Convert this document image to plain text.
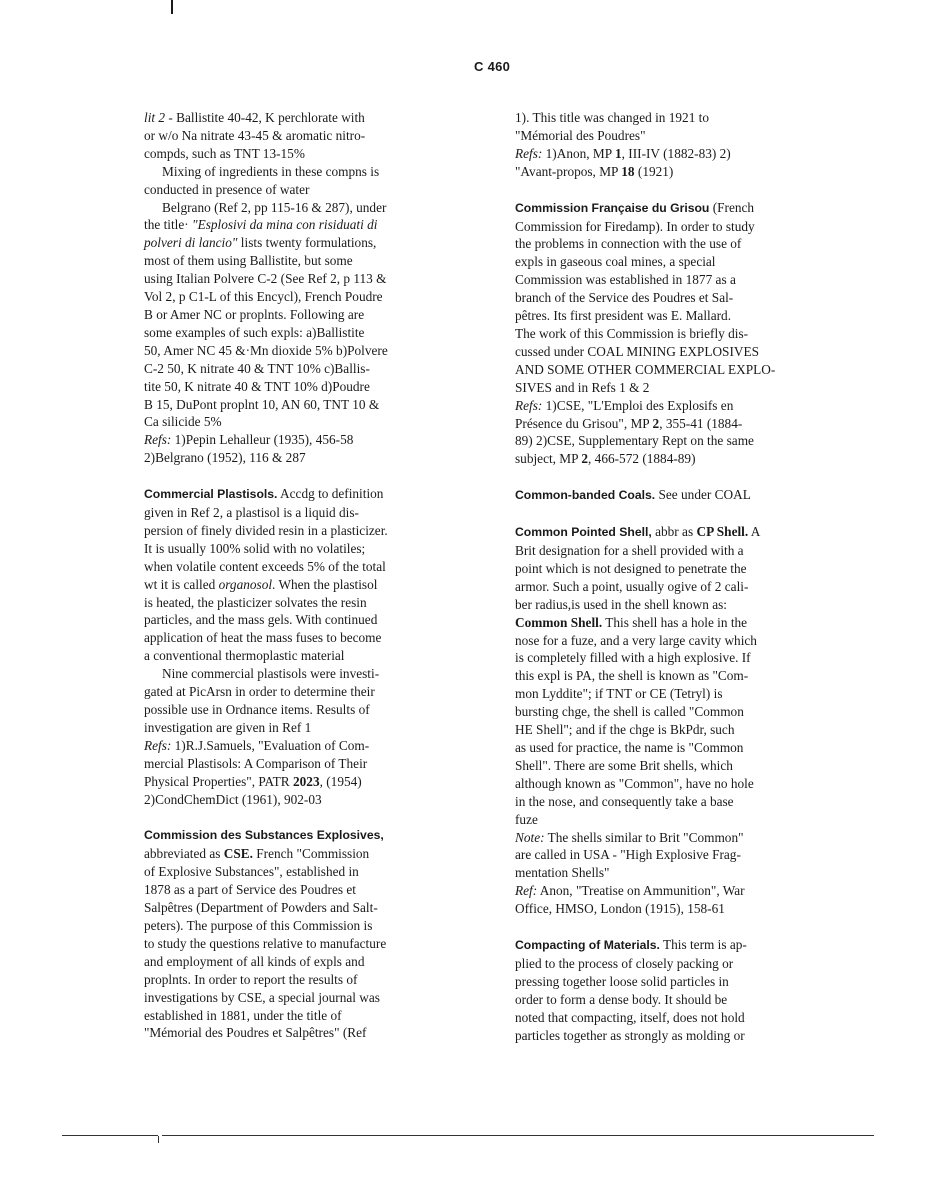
C 460
lit 2 - Ballistite 40-42, K perchlorate with
or w/o Na nitrate 43-45 & aromatic nitro-
compds, such as TNT 13-15%
Mixing of ingredients in these compns is
conducted in presence of water
Belgrano (Ref 2, pp 115-16 & 287), under
the title· "Esplosivi da mina con risiduati di
polveri di lancio" lists twenty formulations,
most of them using Ballistite, but some
using Italian Polvere C-2 (See Ref 2, p 113 &
Vol 2, p C1-L of this Encycl), French Poudre
B or Amer NC or proplnts. Following are
some examples of such expls: a)Ballistite
50, Amer NC 45 &·Mn dioxide 5% b)Polvere
C-2 50, K nitrate 40 & TNT 10% c)Ballis-
tite 50, K nitrate 40 & TNT 10% d)Poudre
B 15, DuPont proplnt 10, AN 60, TNT 10 &
Ca silicide 5%
Refs: 1)Pepin Lehalleur (1935), 456-58
2)Belgrano (1952), 116 & 287
Commercial Plastisols. Accdg to definition
given in Ref 2, a plastisol is a liquid dis-
persion of finely divided resin in a plasticizer.
It is usually 100% solid with no volatiles;
when volatile content exceeds 5% of the total
wt it is called organosol. When the plastisol
is heated, the plasticizer solvates the resin
particles, and the mass gels. With continued
application of heat the mass fuses to become
a conventional thermoplastic material
Nine commercial plastisols were investi-
gated at PicArsn in order to determine their
possible use in Ordnance items. Results of
investigation are given in Ref 1
Refs: 1)R.J.Samuels, "Evaluation of Com-
mercial Plastisols: A Comparison of Their
Physical Properties", PATR 2023, (1954)
2)CondChemDict (1961), 902-03
Commission des Substances Explosives,
abbreviated as CSE. French "Commission
of Explosive Substances", established in
1878 as a part of Service des Poudres et
Salpêtres (Department of Powders and Salt-
peters). The purpose of this Commission is
to study the questions relative to manufacture
and employment of all kinds of expls and
proplnts. In order to report the results of
investigations by CSE, a special journal was
established in 1881, under the title of
"Mémorial des Poudres et Salpêtres" (Ref
1). This title was changed in 1921 to
"Mémorial des Poudres"
Refs: 1)Anon, MP 1, III-IV (1882-83) 2)
"Avant-propos, MP 18 (1921)
Commission Française du Grisou (French
Commission for Firedamp). In order to study
the problems in connection with the use of
expls in gaseous coal mines, a special
Commission was established in 1877 as a
branch of the Service des Poudres et Sal-
pêtres. Its first president was E. Mallard.
The work of this Commission is briefly dis-
cussed under COAL MINING EXPLOSIVES
AND SOME OTHER COMMERCIAL EXPLO-
SIVES and in Refs 1 & 2
Refs: 1)CSE, "L'Emploi des Explosifs en
Présence du Grisou", MP 2, 355-41 (1884-
89) 2)CSE, Supplementary Rept on the same
subject, MP 2, 466-572 (1884-89)
Common-banded Coals. See under COAL
Common Pointed Shell, abbr as CP Shell. A
Brit designation for a shell provided with a
point which is not designed to penetrate the
armor. Such a point, usually ogive of 2 cali-
ber radius,is used in the shell known as:
Common Shell. This shell has a hole in the
nose for a fuze, and a very large cavity which
is completely filled with a high explosive. If
this expl is PA, the shell is known as "Com-
mon Lyddite"; if TNT or CE (Tetryl) is
bursting chge, the shell is called "Common
HE Shell"; and if the chge is BkPdr, such
as used for practice, the name is "Common
Shell". There are some Brit shells, which
although known as "Common", have no hole
in the nose, and consequently take a base
fuze
Note: The shells similar to Brit "Common"
are called in USA - "High Explosive Frag-
mentation Shells"
Ref: Anon, "Treatise on Ammunition", War
Office, HMSO, London (1915), 158-61
Compacting of Materials. This term is ap-
plied to the process of closely packing or
pressing together loose solid particles in
order to form a dense body. It should be
noted that compacting, itself, does not hold
particles together as strongly as molding or
